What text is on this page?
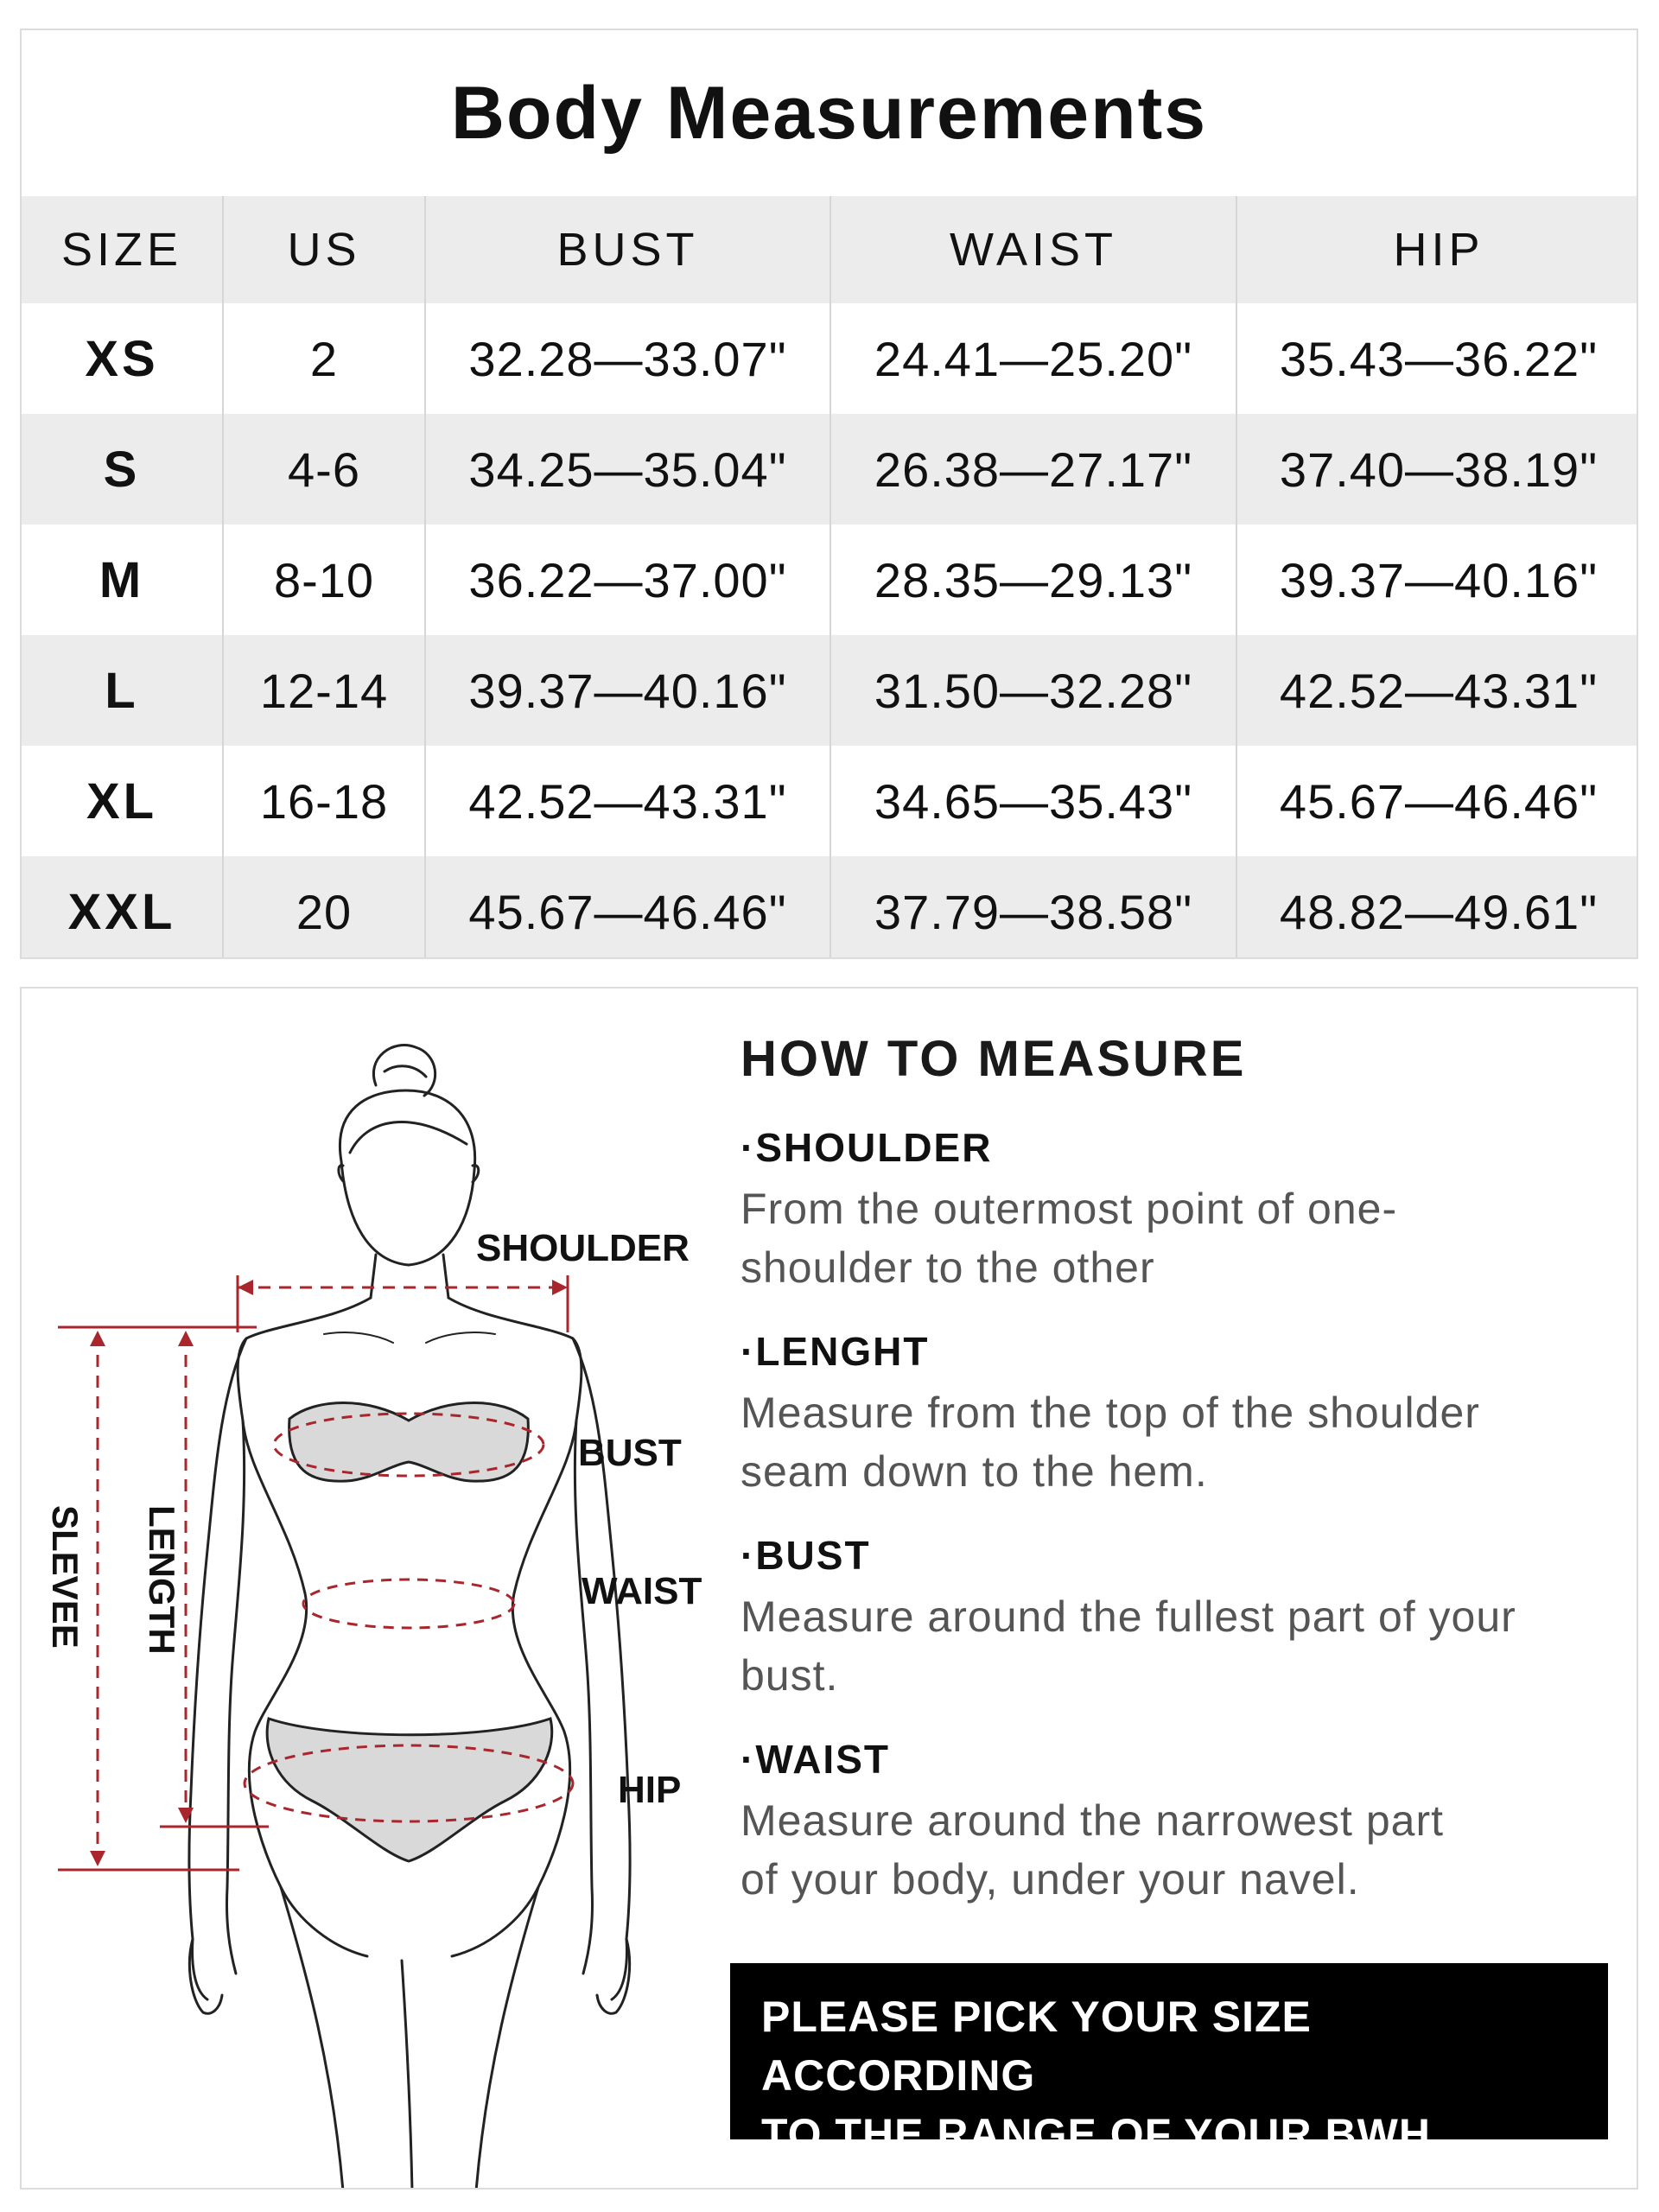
Body Measurements
SIZE	US	BUST	WAIST	HIP
XS	2	32.28—33.07"	24.41—25.20"	35.43—36.22"
S	4-6	34.25—35.04"	26.38—27.17"	37.40—38.19"
M	8-10	36.22—37.00"	28.35—29.13"	39.37—40.16"
L	12-14	39.37—40.16"	31.50—32.28"	42.52—43.31"
XL	16-18	42.52—43.31"	34.65—35.43"	45.67—46.46"
XXL	20	45.67—46.46"	37.79—38.58"	48.82—49.61"
SHOULDER
BUST
WAIST
HIP
LENGTH
SLEVEE
HOW TO MEASURE
·SHOULDER
From the outermost point of one-
shoulder to the other
·LENGHT
Measure from the top of the shoulder
seam down to the hem.
·BUST
Measure around the fullest part of your
bust.
·WAIST
Measure around the narrowest part
of your body, under your navel.
PLEASE PICK YOUR SIZE ACCORDING
TO THE RANGE OF YOUR BWH.
